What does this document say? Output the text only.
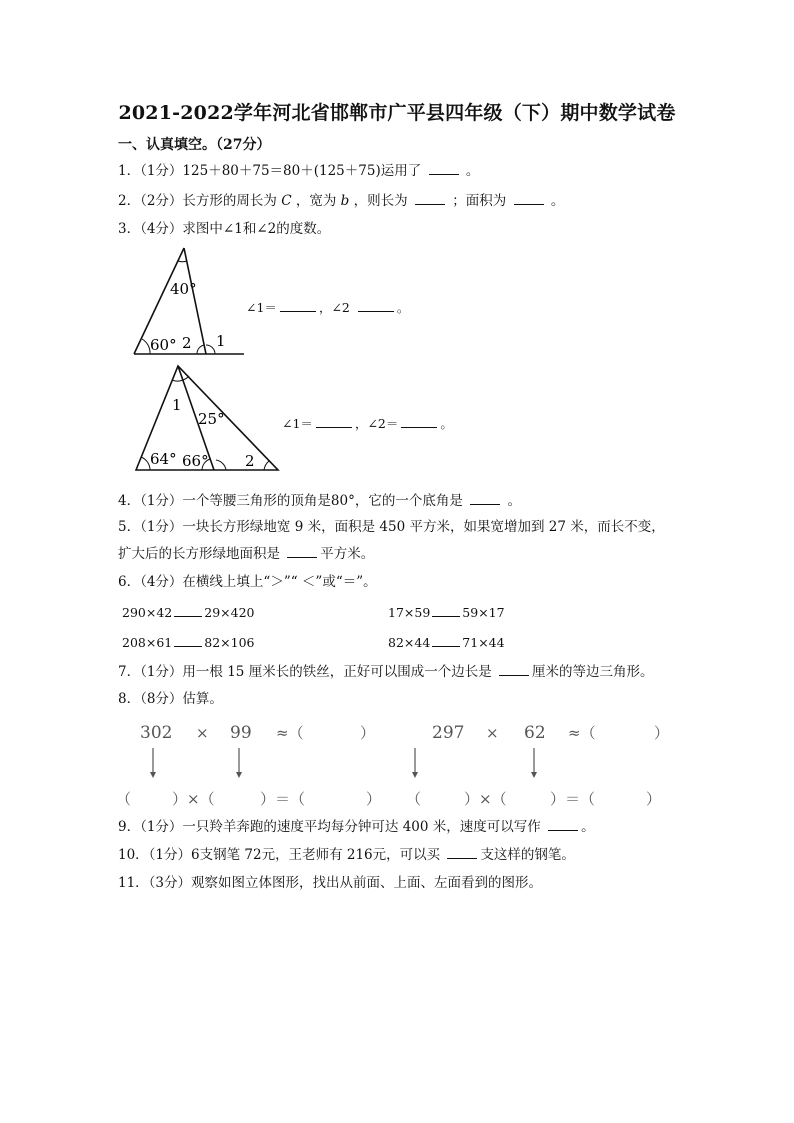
2021-2022学年河北省邯郸市广平县四年级（下）期中数学试卷
一、认真填空。（27分）
1．（1分）125＋80＋75＝80＋(125＋75)运用了	。
2．（2分）长方形的周长为 C ，宽为 b ，则长为	；面积为	。
3．（4分）求图中∠1和∠2的度数。
40°
60° 2 1
∠1＝	，∠2	。
1
25°
64° 66° 2
∠1＝	，∠2＝	。
4．（1分）一个等腰三角形的顶角是80°，它的一个底角是	。
5．（1分）一块长方形绿地宽 9 米，面积是 450 平方米，如果宽增加到 27 米，而长不变，
扩大后的长方形绿地面积是	平方米。
6．（4分）在横线上填上“＞”“ ＜”或“＝”。
290×42	29×420	17×59	59×17
208×61	82×106	82×44	71×44
7．（1分）用一根 15 厘米长的铁丝，正好可以围成一个边长是	厘米的等边三角形。
8．（8分）估算。
302 × 99 ≈（	）	297 × 62 ≈（	）
（	）×（	）＝（	） （	）×（	）＝（	）
9．（1分）一只羚羊奔跑的速度平均每分钟可达 400 米，速度可以写作	。
10．（1分）6支钢笔 72元，王老师有 216元，可以买	支这样的钢笔。
11．（3分）观察如图立体图形，找出从前面、上面、左面看到的图形。
